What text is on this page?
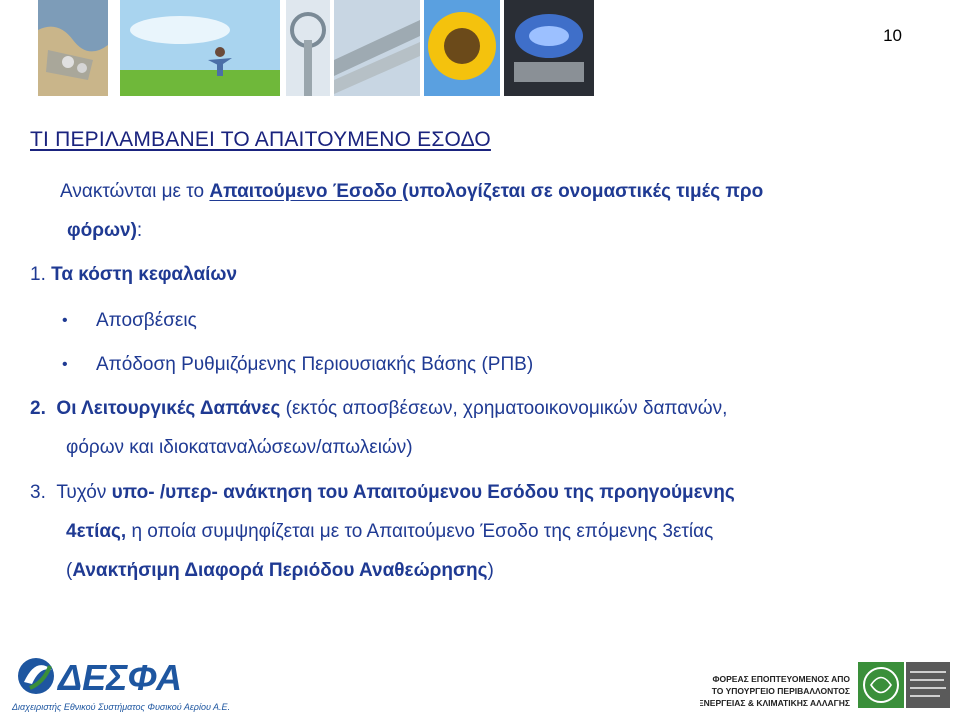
10
ΤΙ ΠΕΡΙΛΑΜΒΑΝΕΙ ΤΟ ΑΠΑΙΤΟΥΜΕΝΟ ΕΣΟΔΟ
Ανακτώνται με το Απαιτούμενο Έσοδο (υπολογίζεται σε ονομαστικές τιμές προ
φόρων):
1. Τα κόστη κεφαλαίων
• Αποσβέσεις
• Απόδοση Ρυθμιζόμενης Περιουσιακής Βάσης (ΡΠΒ)
2. Οι Λειτουργικές Δαπάνες (εκτός αποσβέσεων, χρηματοοικονομικών δαπανών,
φόρων και ιδιοκαταναλώσεων/απωλειών)
3. Τυχόν υπο- /υπερ- ανάκτηση του Απαιτούμενου Εσόδου της προηγούμενης
4ετίας, η οποία συμψηφίζεται με το Απαιτούμενο Έσοδο της επόμενης 3ετίας
(Ανακτήσιμη Διαφορά Περιόδου Αναθεώρησης)
ΔΕΣΦΑ
Διαχειριστής Εθνικού Συστήματος Φυσικού Αερίου Α.Ε.
ΦΟΡΕΑΣ ΕΠΟΠΤΕΥΟΜΕΝΟΣ ΑΠΟ
ΤΟ ΥΠΟΥΡΓΕΙΟ ΠΕΡΙΒΑΛΛΟΝΤΟΣ
ΕΝΕΡΓΕΙΑΣ & ΚΛΙΜΑΤΙΚΗΣ ΑΛΛΑΓΗΣ
